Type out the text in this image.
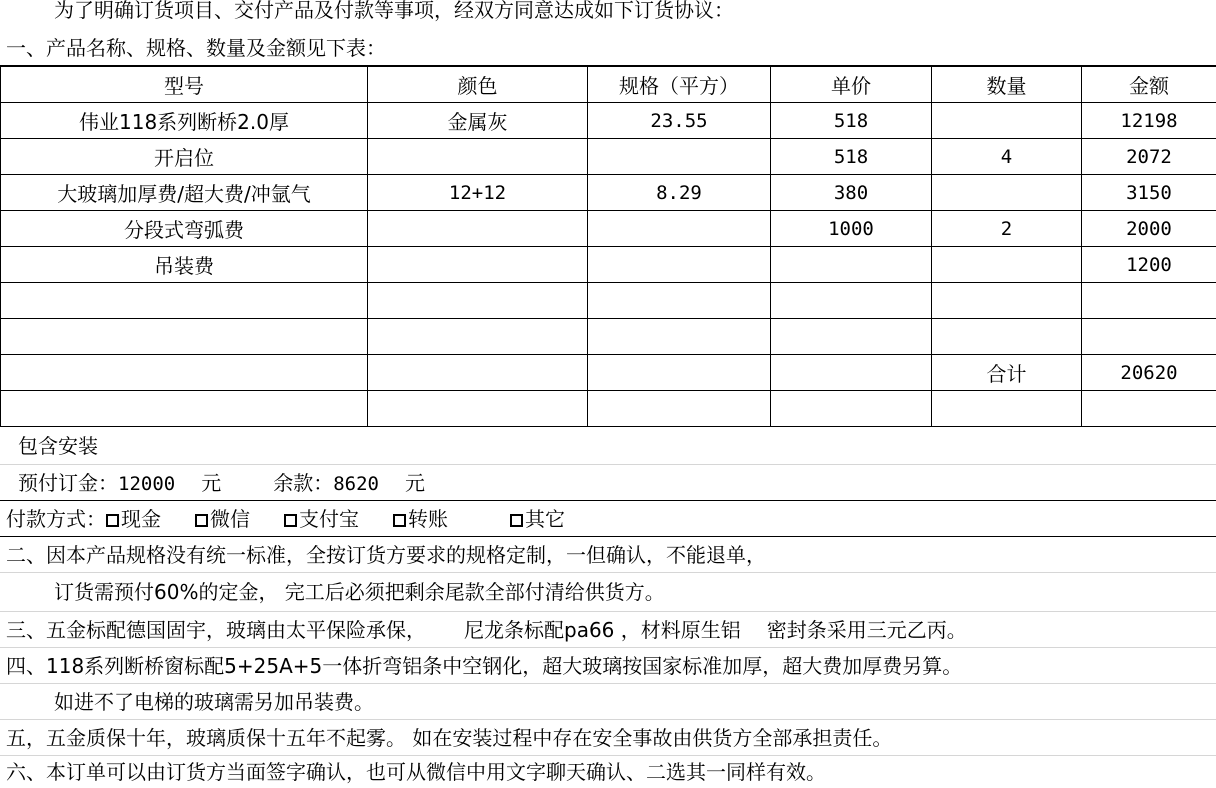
为了明确订货项目、交付产品及付款等事项，经双方同意达成如下订货协议：
一、产品名称、规格、数量及金额见下表：
型号	颜色	规格（平方）	单价	数量	金额
伟业118系列断桥2.0厚	金属灰	23.55	518		12198
开启位			518	4	2072
大玻璃加厚费/超大费/冲氩气	12+12	8.29	380		3150
分段式弯弧费			1000	2	2000
吊装费					1200

				合计	20620

包含安装
预付订金：12000 元	余款：8620 元
付款方式： 现金 微信 支付宝 转账	其它
二、因本产品规格没有统一标准，全按订货方要求的规格定制，一但确认，不能退单，
订货需预付60%的定金， 完工后必须把剩余尾款全部付清给供货方。
三、五金标配德国固宇，玻璃由太平保险承保， 尼龙条标配pa66 ，材料原生铝 密封条采用三元乙丙。
四、118系列断桥窗标配5+25A+5一体折弯铝条中空钢化，超大玻璃按国家标准加厚，超大费加厚费另算。
如进不了电梯的玻璃需另加吊装费。
五，五金质保十年，玻璃质保十五年不起雾。 如在安装过程中存在安全事故由供货方全部承担责任。
六、本订单可以由订货方当面签字确认，也可从微信中用文字聊天确认、二选其一同样有效。
